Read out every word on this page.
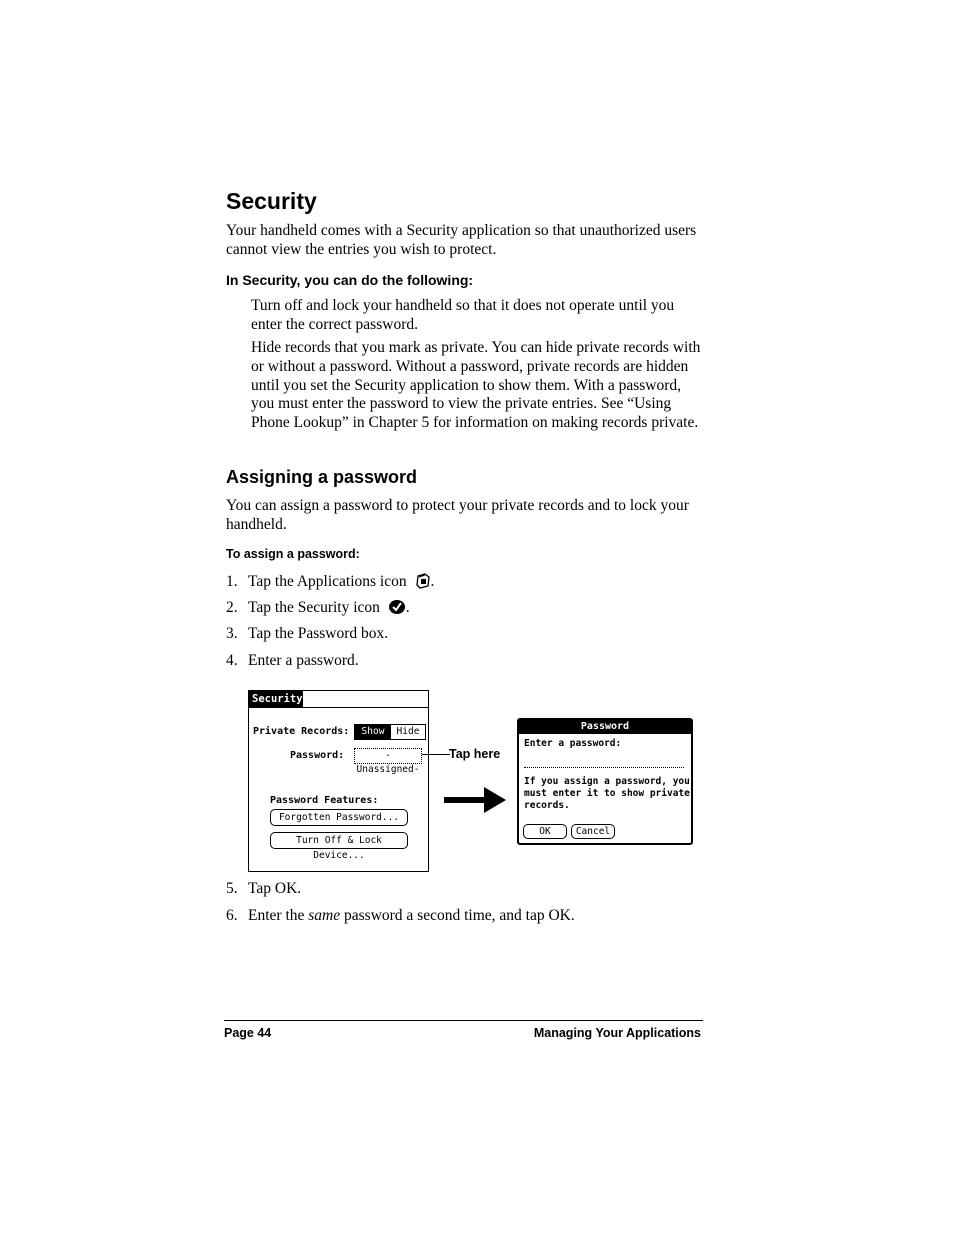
Security
Your handheld comes with a Security application so that unauthorized users cannot view the entries you wish to protect.
In Security, you can do the following:
Turn off and lock your handheld so that it does not operate until you enter the correct password.
Hide records that you mark as private. You can hide private records with or without a password. Without a password, private records are hidden until you set the Security application to show them. With a password, you must enter the password to view the private entries. See “Using Phone Lookup” in Chapter 5 for information on making records private.
Assigning a password
You can assign a password to protect your private records and to lock your handheld.
To assign a password:
1. Tap the Applications icon .
2. Tap the Security icon .
3. Tap the Password box.
4. Enter a password.
Security
Private Records:	Show	Hide
Password:	-Unassigned-
Password Features:
Forgotten Password...
Turn Off & Lock Device...
Tap here
Password
Enter a password:
If you assign a password, you must enter it to show private records.
OK	Cancel
5. Tap OK.
6. Enter the same password a second time, and tap OK.
Page 44	Managing Your Applications
